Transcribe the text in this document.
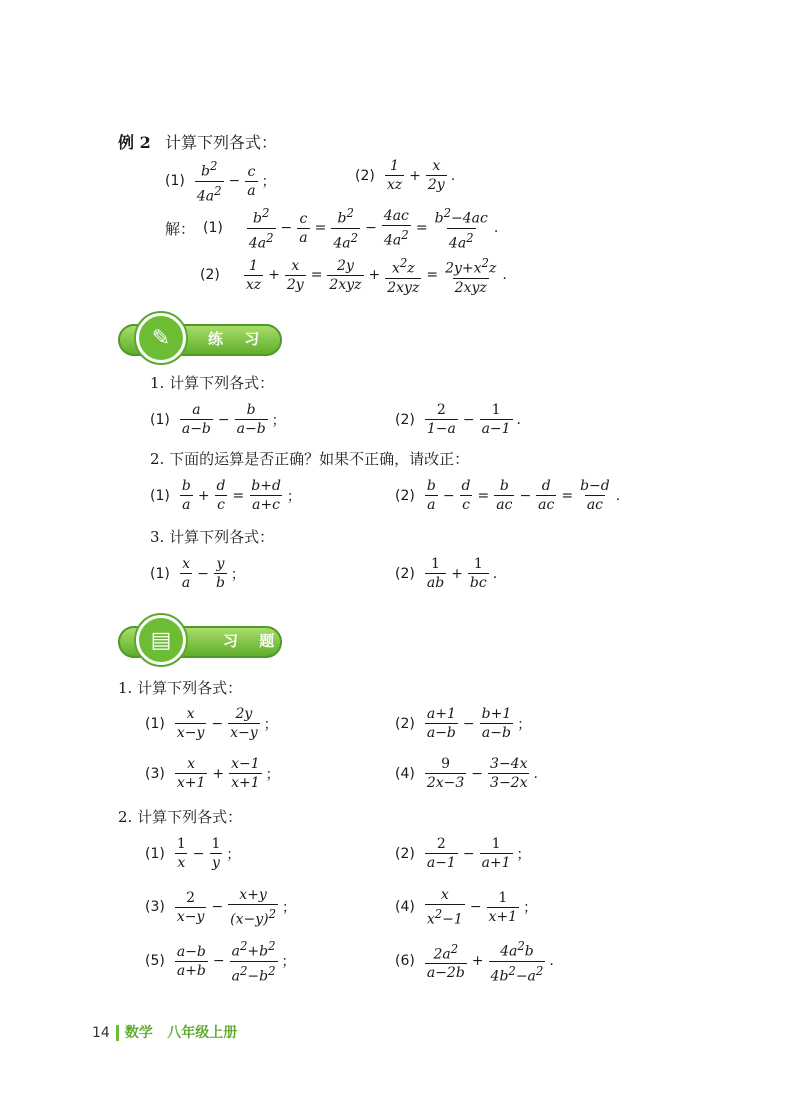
例 2 计算下列各式：
$(1) \frac{b^2}{4a^2} - \frac{c}{a}$ ；	$(2) \frac{1}{xz} + \frac{x}{2y}$ .
解： $(1) \frac{b^2}{4a^2} - \frac{c}{a} = \frac{b^2}{4a^2} - \frac{4ac}{4a^2} = \frac{b^2-4ac}{4a^2}$ .
$(2) \frac{1}{xz} + \frac{x}{2y} = \frac{2y}{\text{2xyz}} + \frac{x^2z}{\text{2xyz}} = \frac{2y+x^2z}{\text{2xyz}}$ .
✎	练 习
1. 计算下列各式：
$(1) \frac{a}{a-b} - \frac{b}{a-b}$ ；	$(2) \frac{2}{1-a} - \frac{1}{a-1}$ .
2. 下面的运算是否正确？如果不正确，请改正：
$(1) \frac{b}{a} + \frac{d}{c} = \frac{b+d}{a+c}$ ；	$(2) \frac{b}{a} - \frac{d}{c} = \frac{b}{ac} - \frac{d}{ac} = \frac{b-d}{ac}$ .
3. 计算下列各式：
$(1) \frac{x}{a} - \frac{y}{b}$ ；	$(2) \frac{1}{ab} + \frac{1}{bc}$ .
▤	习 题
1. 计算下列各式：
$(1) \frac{x}{x-y} - \frac{2y}{x-y}$ ；	$(2) \frac{a+1}{a-b} - \frac{b+1}{a-b}$ ；
$(3) \frac{x}{x+1} + \frac{x-1}{x+1}$ ；	$(4) \frac{9}{2x-3} - \frac{3-4x}{3-2x}$ .
2. 计算下列各式：
$(1) \frac{1}{x} - \frac{1}{y}$ ；	$(2) \frac{2}{a-1} - \frac{1}{a+1}$ ；
$(3) \frac{2}{x-y} - \frac{x+y}{(x-y)^2}$ ；	$(4) \frac{x}{x^2-1} - \frac{1}{x+1}$ ；
$(5) \frac{a-b}{a+b} - \frac{a^2+b^2}{a^2-b^2}$ ；	$(6) \frac{2a^2}{a-2b} + \frac{4a^2b}{4b^2-a^2}$ .
14 数学 八年级上册
